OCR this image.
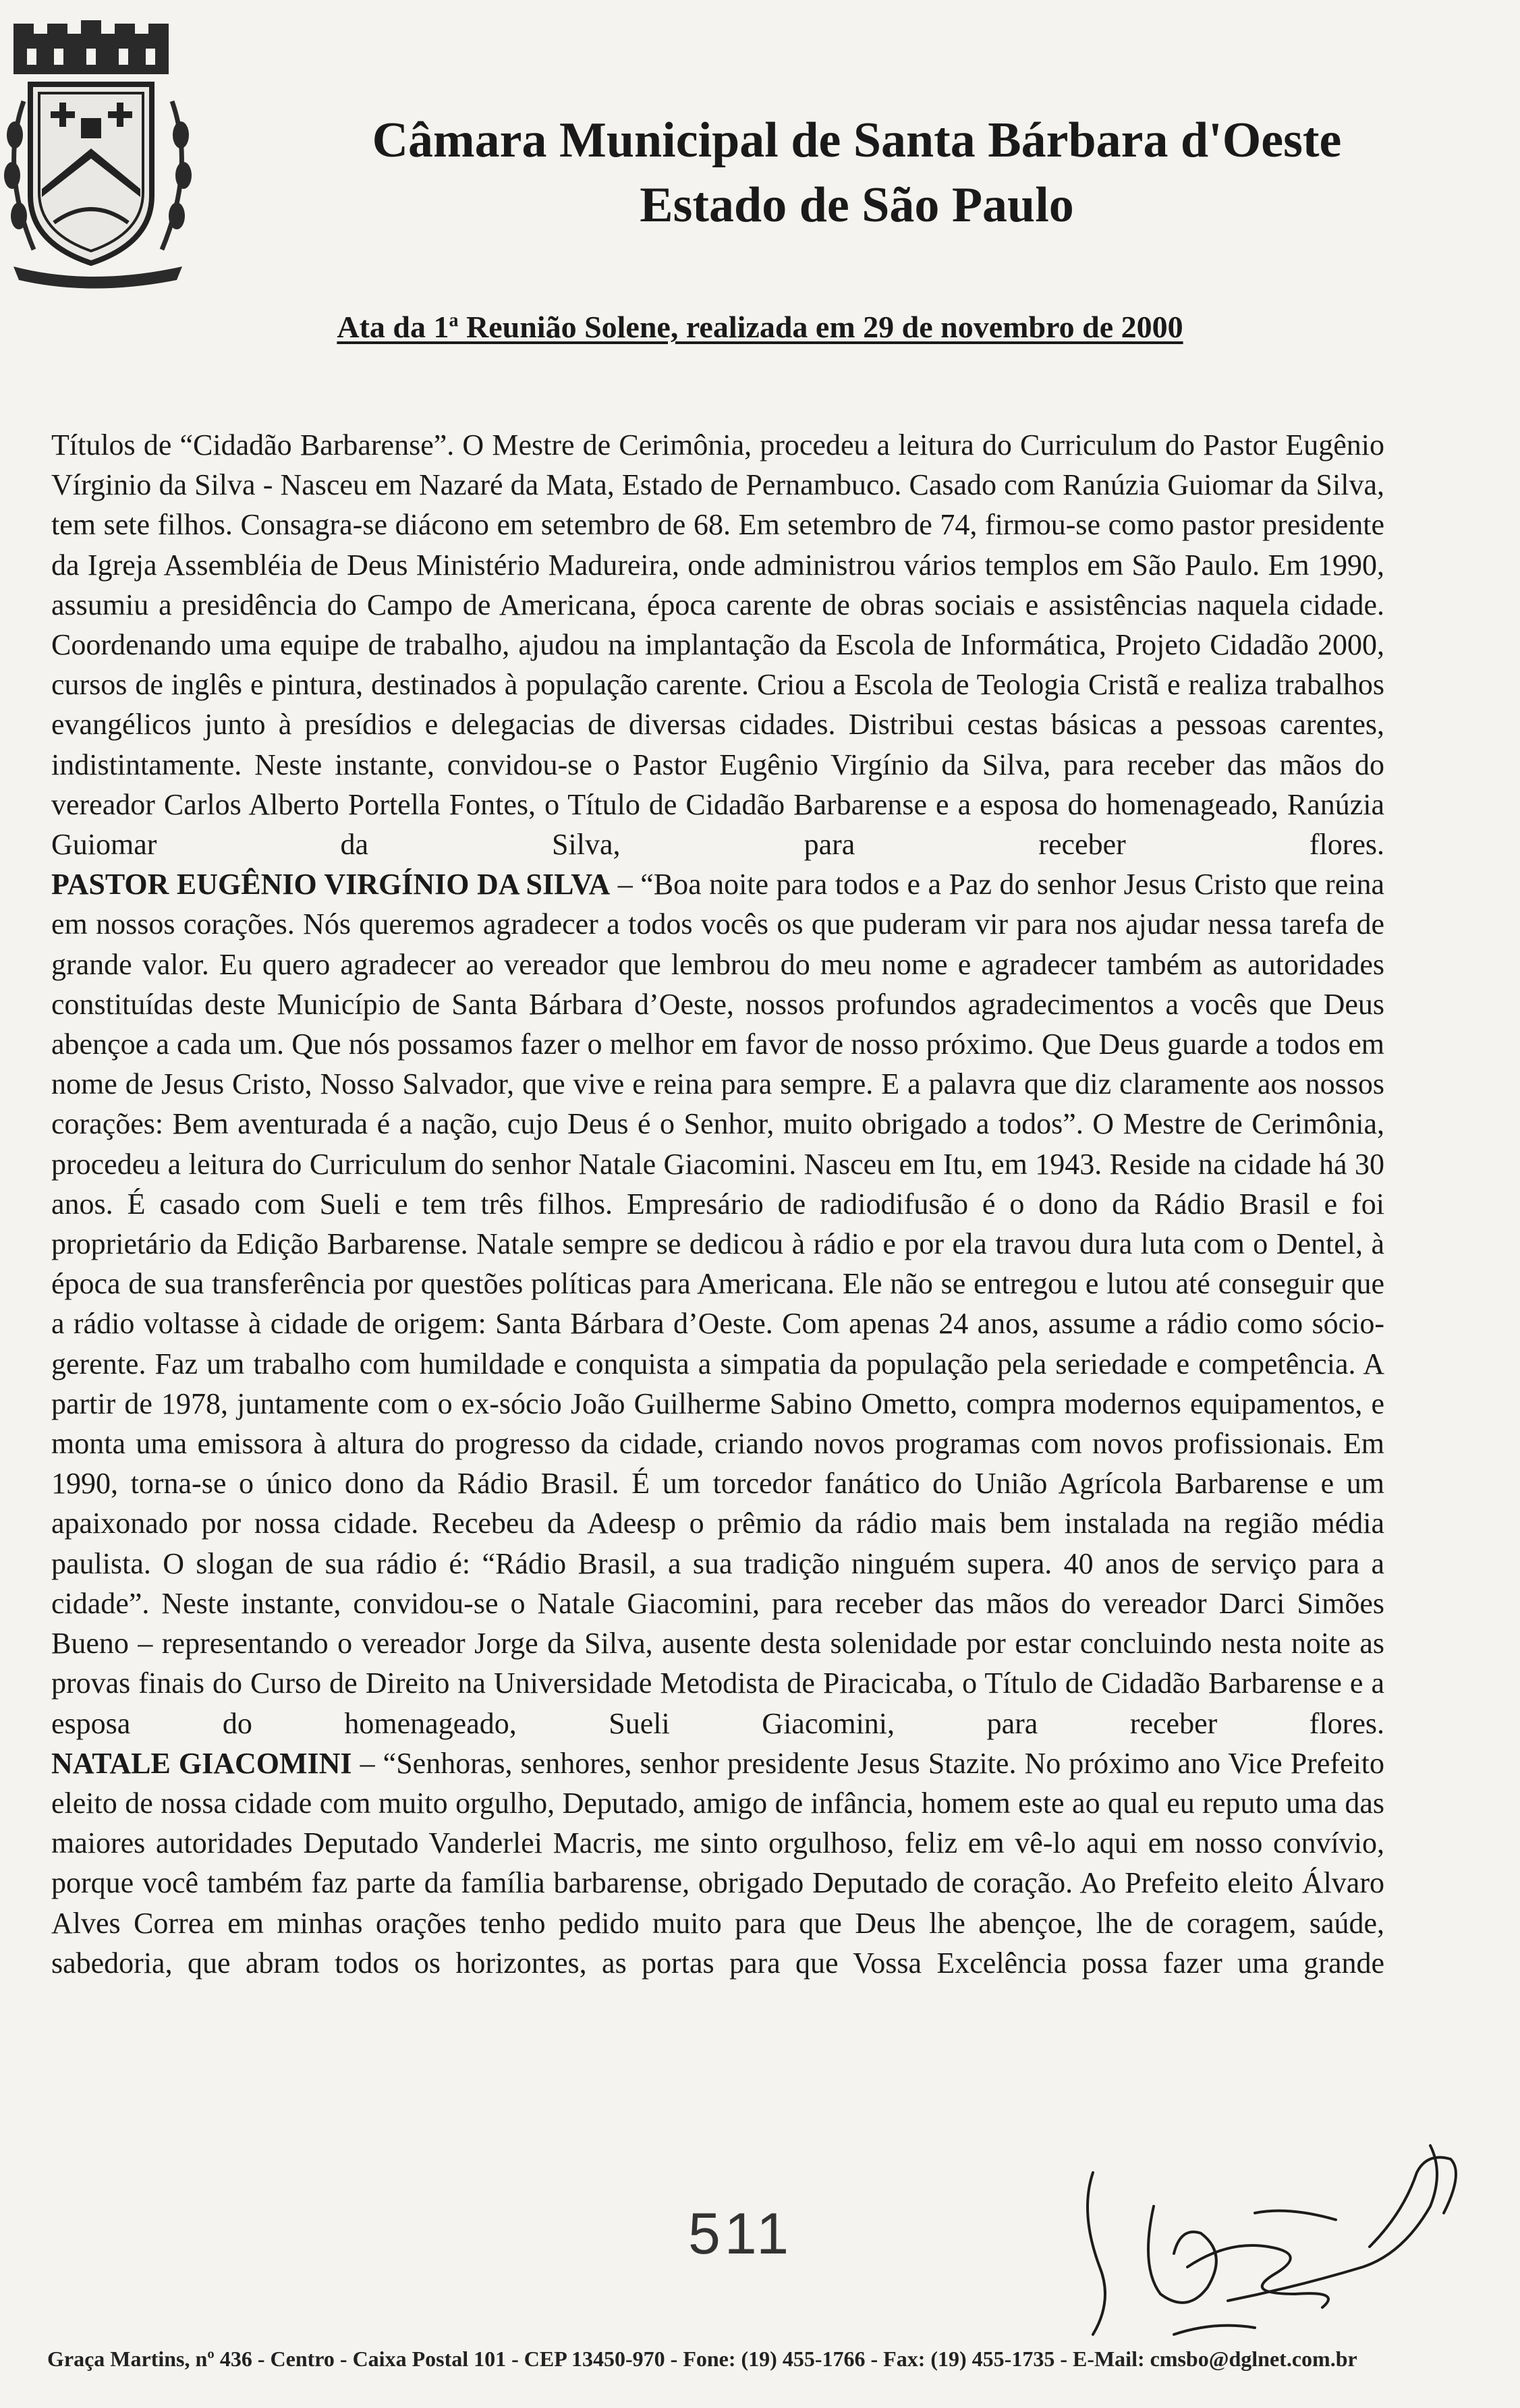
Câmara Municipal de Santa Bárbara d'Oeste

Estado de São Paulo

Ata da 1$^a$ Reunião Solene, realizada em 29 de novembro de 2000

Títulos de “Cidadão Barbarense”. O Mestre de Cerimônia, procedeu a leitura do Curriculum do Pastor Eugênio Vírginio da Silva - Nasceu em Nazaré da Mata, Estado de Pernambuco. Casado com Ranúzia Guiomar da Silva, tem sete filhos. Consagra-se diácono em setembro de 68. Em setembro de 74, firmou-se como pastor presidente da Igreja Assembléia de Deus Ministério Madureira, onde administrou vários templos em São Paulo. Em 1990, assumiu a presidência do Campo de Americana, época carente de obras sociais e assistências naquela cidade. Coordenando uma equipe de trabalho, ajudou na implantação da Escola de Informática, Projeto Cidadão 2000, cursos de inglês e pintura, destinados à população carente. Criou a Escola de Teologia Cristã e realiza trabalhos evangélicos junto à presídios e delegacias de diversas cidades. Distribui cestas básicas a pessoas carentes, indistintamente. Neste instante, convidou-se o Pastor Eugênio Virgínio da Silva, para receber das mãos do vereador Carlos Alberto Portella Fontes, o Título de Cidadão Barbarense e a esposa do homenageado, Ranúzia Guiomar da Silva, para receber flores.

PASTOR EUGÊNIO VIRGÍNIO DA SILVA – “Boa noite para todos e a Paz do senhor Jesus Cristo que reina em nossos corações. Nós queremos agradecer a todos vocês os que puderam vir para nos ajudar nessa tarefa de grande valor. Eu quero agradecer ao vereador que lembrou do meu nome e agradecer também as autoridades constituídas deste Município de Santa Bárbara d’Oeste, nossos profundos agradecimentos a vocês que Deus abençoe a cada um. Que nós possamos fazer o melhor em favor de nosso próximo. Que Deus guarde a todos em nome de Jesus Cristo, Nosso Salvador, que vive e reina para sempre. E a palavra que diz claramente aos nossos corações: Bem aventurada é a nação, cujo Deus é o Senhor, muito obrigado a todos”. O Mestre de Cerimônia, procedeu a leitura do Curriculum do senhor Natale Giacomini. Nasceu em Itu, em 1943. Reside na cidade há 30 anos. É casado com Sueli e tem três filhos. Empresário de radiodifusão é o dono da Rádio Brasil e foi proprietário da Edição Barbarense. Natale sempre se dedicou à rádio e por ela travou dura luta com o Dentel, à época de sua transferência por questões políticas para Americana. Ele não se entregou e lutou até conseguir que a rádio voltasse à cidade de origem: Santa Bárbara d’Oeste. Com apenas 24 anos, assume a rádio como sócio-gerente. Faz um trabalho com humildade e conquista a simpatia da população pela seriedade e competência. A partir de 1978, juntamente com o ex-sócio João Guilherme Sabino Ometto, compra modernos equipamentos, e monta uma emissora à altura do progresso da cidade, criando novos programas com novos profissionais. Em 1990, torna-se o único dono da Rádio Brasil. É um torcedor fanático do União Agrícola Barbarense e um apaixonado por nossa cidade. Recebeu da Adeesp o prêmio da rádio mais bem instalada na região média paulista. O slogan de sua rádio é: “Rádio Brasil, a sua tradição ninguém supera. 40 anos de serviço para a cidade”. Neste instante, convidou-se o Natale Giacomini, para receber das mãos do vereador Darci Simões Bueno – representando o vereador Jorge da Silva, ausente desta solenidade por estar concluindo nesta noite as provas finais do Curso de Direito na Universidade Metodista de Piracicaba, o Título de Cidadão Barbarense e a esposa do homenageado, Sueli Giacomini, para receber flores.

NATALE GIACOMINI – “Senhoras, senhores, senhor presidente Jesus Stazite. No próximo ano Vice Prefeito eleito de nossa cidade com muito orgulho, Deputado, amigo de infância, homem este ao qual eu reputo uma das maiores autoridades Deputado Vanderlei Macris, me sinto orgulhoso, feliz em vê-lo aqui em nosso convívio, porque você também faz parte da família barbarense, obrigado Deputado de coração. Ao Prefeito eleito Álvaro Alves Correa em minhas orações tenho pedido muito para que Deus lhe abençoe, lhe de coragem, saúde, sabedoria, que abram todos os horizontes, as portas para que Vossa Excelência possa fazer uma grande

511
Graça Martins, nº 436 - Centro - Caixa Postal 101 - CEP 13450-970 - Fone: (19) 455-1766 - Fax: (19) 455-1735 - E-Mail: cmsbo@dglnet.com.br
